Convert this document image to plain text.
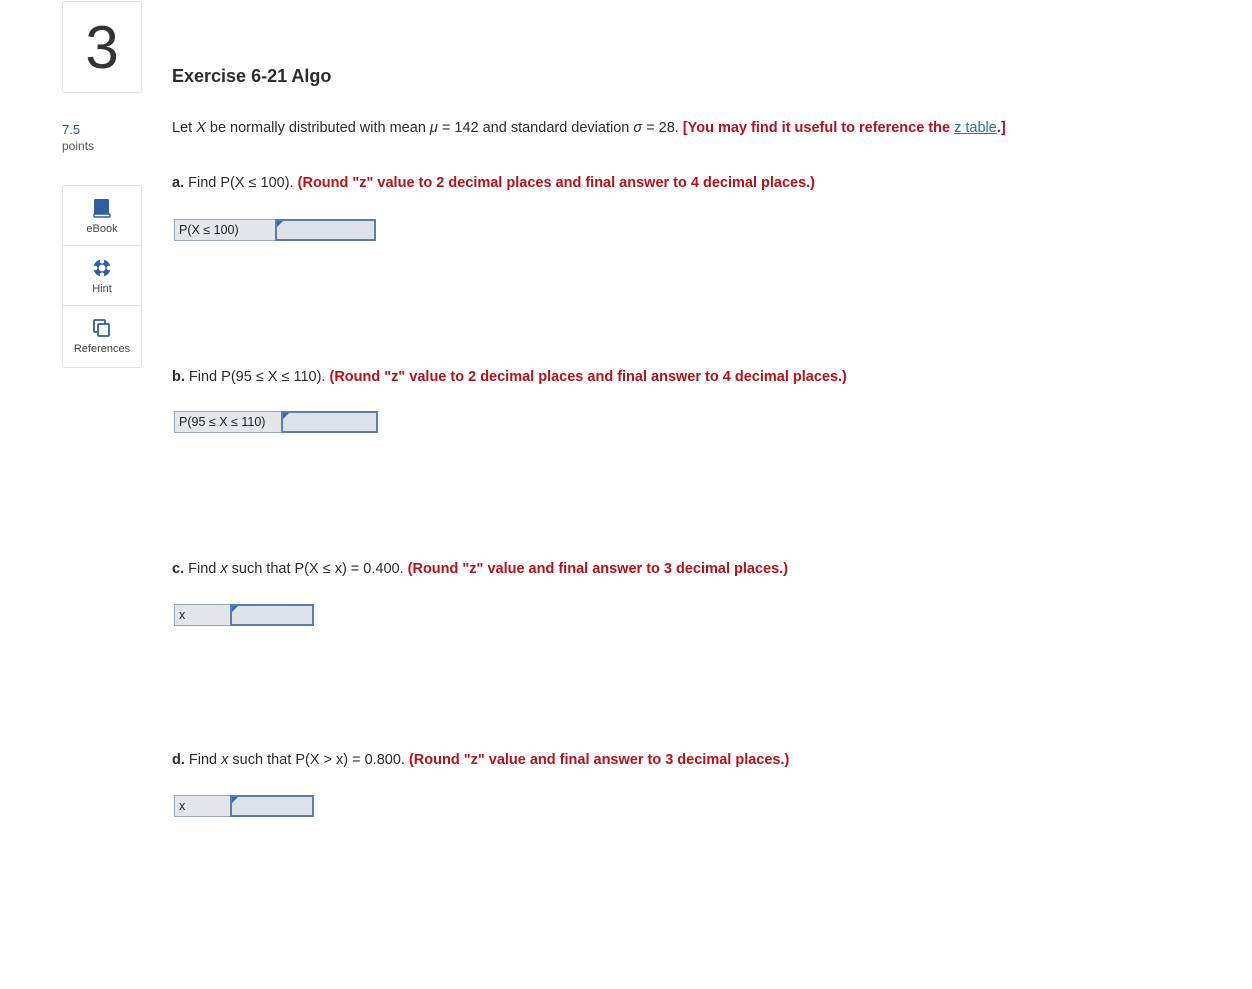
3
7.5
points
eBook
Hint
References
Exercise 6-21 Algo
Let X be normally distributed with mean μ = 142 and standard deviation σ = 28. [You may find it useful to reference the z table.]
a. Find P(X ≤ 100). (Round "z" value to 2 decimal places and final answer to 4 decimal places.)
P(X ≤ 100)
b. Find P(95 ≤ X ≤ 110). (Round "z" value to 2 decimal places and final answer to 4 decimal places.)
P(95 ≤ X ≤ 110)
c. Find x such that P(X ≤ x) = 0.400. (Round "z" value and final answer to 3 decimal places.)
x
d. Find x such that P(X > x) = 0.800. (Round "z" value and final answer to 3 decimal places.)
x
